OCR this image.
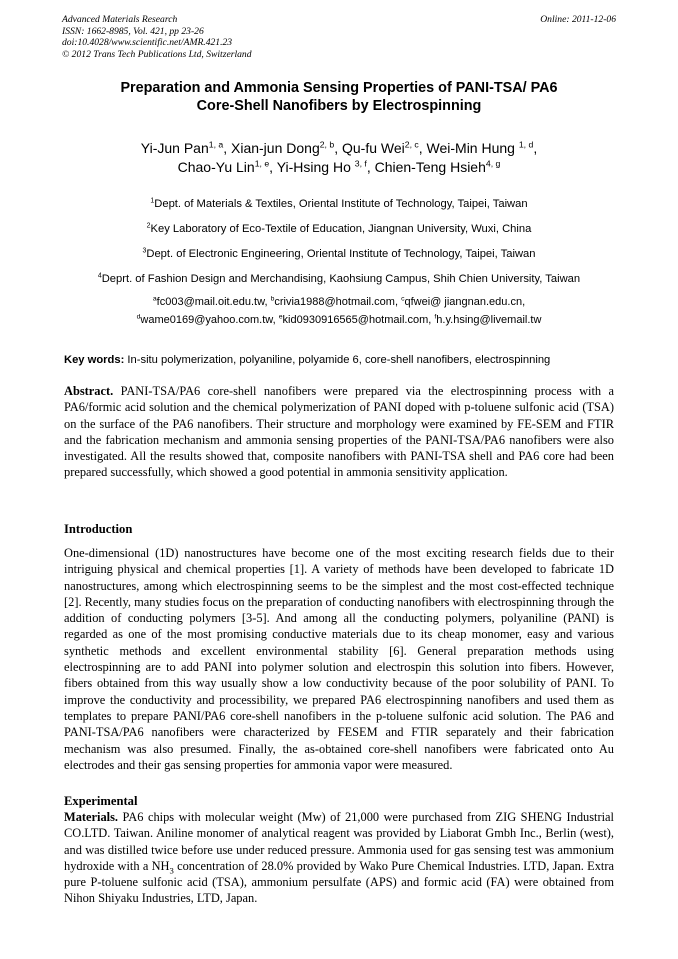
Advanced Materials Research
ISSN: 1662-8985, Vol. 421, pp 23-26
doi:10.4028/www.scientific.net/AMR.421.23
© 2012 Trans Tech Publications Ltd, Switzerland
Online: 2011-12-06
Preparation and Ammonia Sensing Properties of PANI-TSA/ PA6
Core-Shell Nanofibers by Electrospinning
Yi-Jun Pan$^{1, a}$, Xian-jun Dong$^{2, b}$, Qu-fu Wei$^{2, c}$, Wei-Min Hung $^{1, d}$,
Chao-Yu Lin$^{1, e}$, Yi-Hsing Ho $^{3, f}$, Chien-Teng Hsieh$^{4, g}$
$^1$Dept. of Materials & Textiles, Oriental Institute of Technology, Taipei, Taiwan
$^2$Key Laboratory of Eco-Textile of Education, Jiangnan University, Wuxi, China
$^3$Dept. of Electronic Engineering, Oriental Institute of Technology, Taipei, Taiwan
$^4$Deprt. of Fashion Design and Merchandising, Kaohsiung Campus, Shih Chien University, Taiwan
$^a$fc003@mail.oit.edu.tw, $^b$crivia1988@hotmail.com, $^c$qfwei@ jiangnan.edu.cn,
$^d$wame0169@yahoo.com.tw, $^e$kid0930916565@hotmail.com, $^f$h.y.hsing@livemail.tw
Key words: In-situ polymerization, polyaniline, polyamide 6, core-shell nanofibers, electrospinning
Abstract. PANI-TSA/PA6 core-shell nanofibers were prepared via the electrospinning process with a PA6/formic acid solution and the chemical polymerization of PANI doped with p-toluene sulfonic acid (TSA) on the surface of the PA6 nanofibers. Their structure and morphology were examined by FE-SEM and FTIR and the fabrication mechanism and ammonia sensing properties of the PANI-TSA/PA6 nanofibers were also investigated. All the results showed that, composite nanofibers with PANI-TSA shell and PA6 core had been prepared successfully, which showed a good potential in ammonia sensitivity application.
Introduction
One-dimensional (1D) nanostructures have become one of the most exciting research fields due to their intriguing physical and chemical properties [1]. A variety of methods have been developed to fabricate 1D nanostructures, among which electrospinning seems to be the simplest and the most cost-effected technique [2]. Recently, many studies focus on the preparation of conducting nanofibers with electrospinning through the addition of conducting polymers [3-5]. And among all the conducting polymers, polyaniline (PANI) is regarded as one of the most promising conductive materials due to its cheap monomer, easy and various synthetic methods and excellent environmental stability [6]. General preparation methods using electrospinning are to add PANI into polymer solution and electrospin this solution into fibers. However, fibers obtained from this way usually show a low conductivity because of the poor solubility of PANI. To improve the conductivity and processibility, we prepared PA6 electrospinning nanofibers and used them as templates to prepare PANI/PA6 core-shell nanofibers in the p-toluene sulfonic acid solution. The PA6 and PANI-TSA/PA6 nanofibers were characterized by FESEM and FTIR separately and their fabrication mechanism was also presumed. Finally, the as-obtained core-shell nanofibers were fabricated onto Au electrodes and their gas sensing properties for ammonia vapor were measured.
Experimental
Materials. PA6 chips with molecular weight (Mw) of 21,000 were purchased from ZIG SHENG Industrial CO.LTD. Taiwan. Aniline monomer of analytical reagent was provided by Liaborat Gmbh Inc., Berlin (west), and was distilled twice before use under reduced pressure. Ammonia used for gas sensing test was ammonium hydroxide with a $NH_3$ concentration of 28.0% provided by Wako Pure Chemical Industries. LTD, Japan. Extra pure P-toluene sulfonic acid (TSA), ammonium persulfate (APS) and formic acid (FA) were obtained from Nihon Shiyaku Industries, LTD, Japan.
